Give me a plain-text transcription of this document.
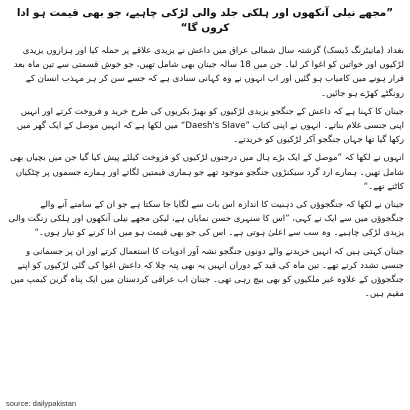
”مجھے نیلی آنکھوں اور ہلکی جلد والی لڑکی چاہیے، جو بھی قیمت ہو ادا کروں گا“

بغداد (مانیٹرنگ ڈیسک) گزشتہ سال شمالی عراق میں داعش نے یزیدی علاقے پر حملہ کیا اور ہزاروں یزیدی لڑکیوں اور خواتین کو اغوا کر لیا۔ جن میں 18 سالہ جینان بھی شامل تھیں، جو خوش قسمتی سے تین ماہ بعد فرار ہونے میں کامیاب ہو گئیں اور اب انہوں نے وہ کہانی سنادی ہے کہ جسے سن کر ہر مہذب انسان کے رونگٹے کھڑے ہو جائیں۔

جینان کا کہنا ہے کہ داعش کے جنگجو یزیدی لڑکیوں کو بھیڑ بکریوں کی طرح خرید و فروخت کرتے اور انہیں اپنی جنسی غلام بناتے۔ انہوں نے اپنی کتاب ”Daesh's Slave“ میں لکھا ہے کہ انہیں موصل کے ایک گھر میں رکھا گیا تھا جہاں جنگجو آکر لڑکیوں کو خریدتے۔

انہوں نے لکھا کہ ”موصل کے ایک بڑے ہال میں درجنوں لڑکیوں کو فروخت کیلئے پیش کیا گیا جن میں بچیاں بھی شامل تھیں۔ ہمارے ارد گرد سیکنڑوں جنگجو موجود تھے جو ہماری قیمتیں لگاتے اور ہمارے جسموں پر چٹکیاں کاٹتے تھے۔“

جینان نے لکھا کہ جنگجوؤں کی ذہنیت کا اندازہ اس بات سے لگایا جا سکتا ہے جو ان کے سامنے آنے والے جنگجوؤں میں سے ایک نے کہی، ”اس کا سنہری حسن نمایاں ہے، لیکن مجھے نیلی آنکھوں اور ہلکی رنگت والی یزیدی لڑکی چاہیے۔ وہ سب سے اعلیٰ ہوتی ہے۔ اس کی جو بھی قیمت ہو میں ادا کرنے کو تیار ہوں۔“

جینان کہتی ہیں کہ انہیں خریدنے والے دونوں جنگجو نشہ آور ادویات کا استعمال کرتے اور ان پر جسمانی و جنسی تشدد کرتے تھے۔ تین ماہ کی قید کے دوران انہیں یہ بھی پتہ چلا کہ داعش اغوا کی گئی لڑکیوں کو اپنے جنگجوؤں کے علاوہ غیر ملکیوں کو بھی بیچ رہی تھی۔ جینان اب عراقی کردستان میں ایک پناہ گزین کیمپ میں مقیم ہیں۔

source: dailypakistan
